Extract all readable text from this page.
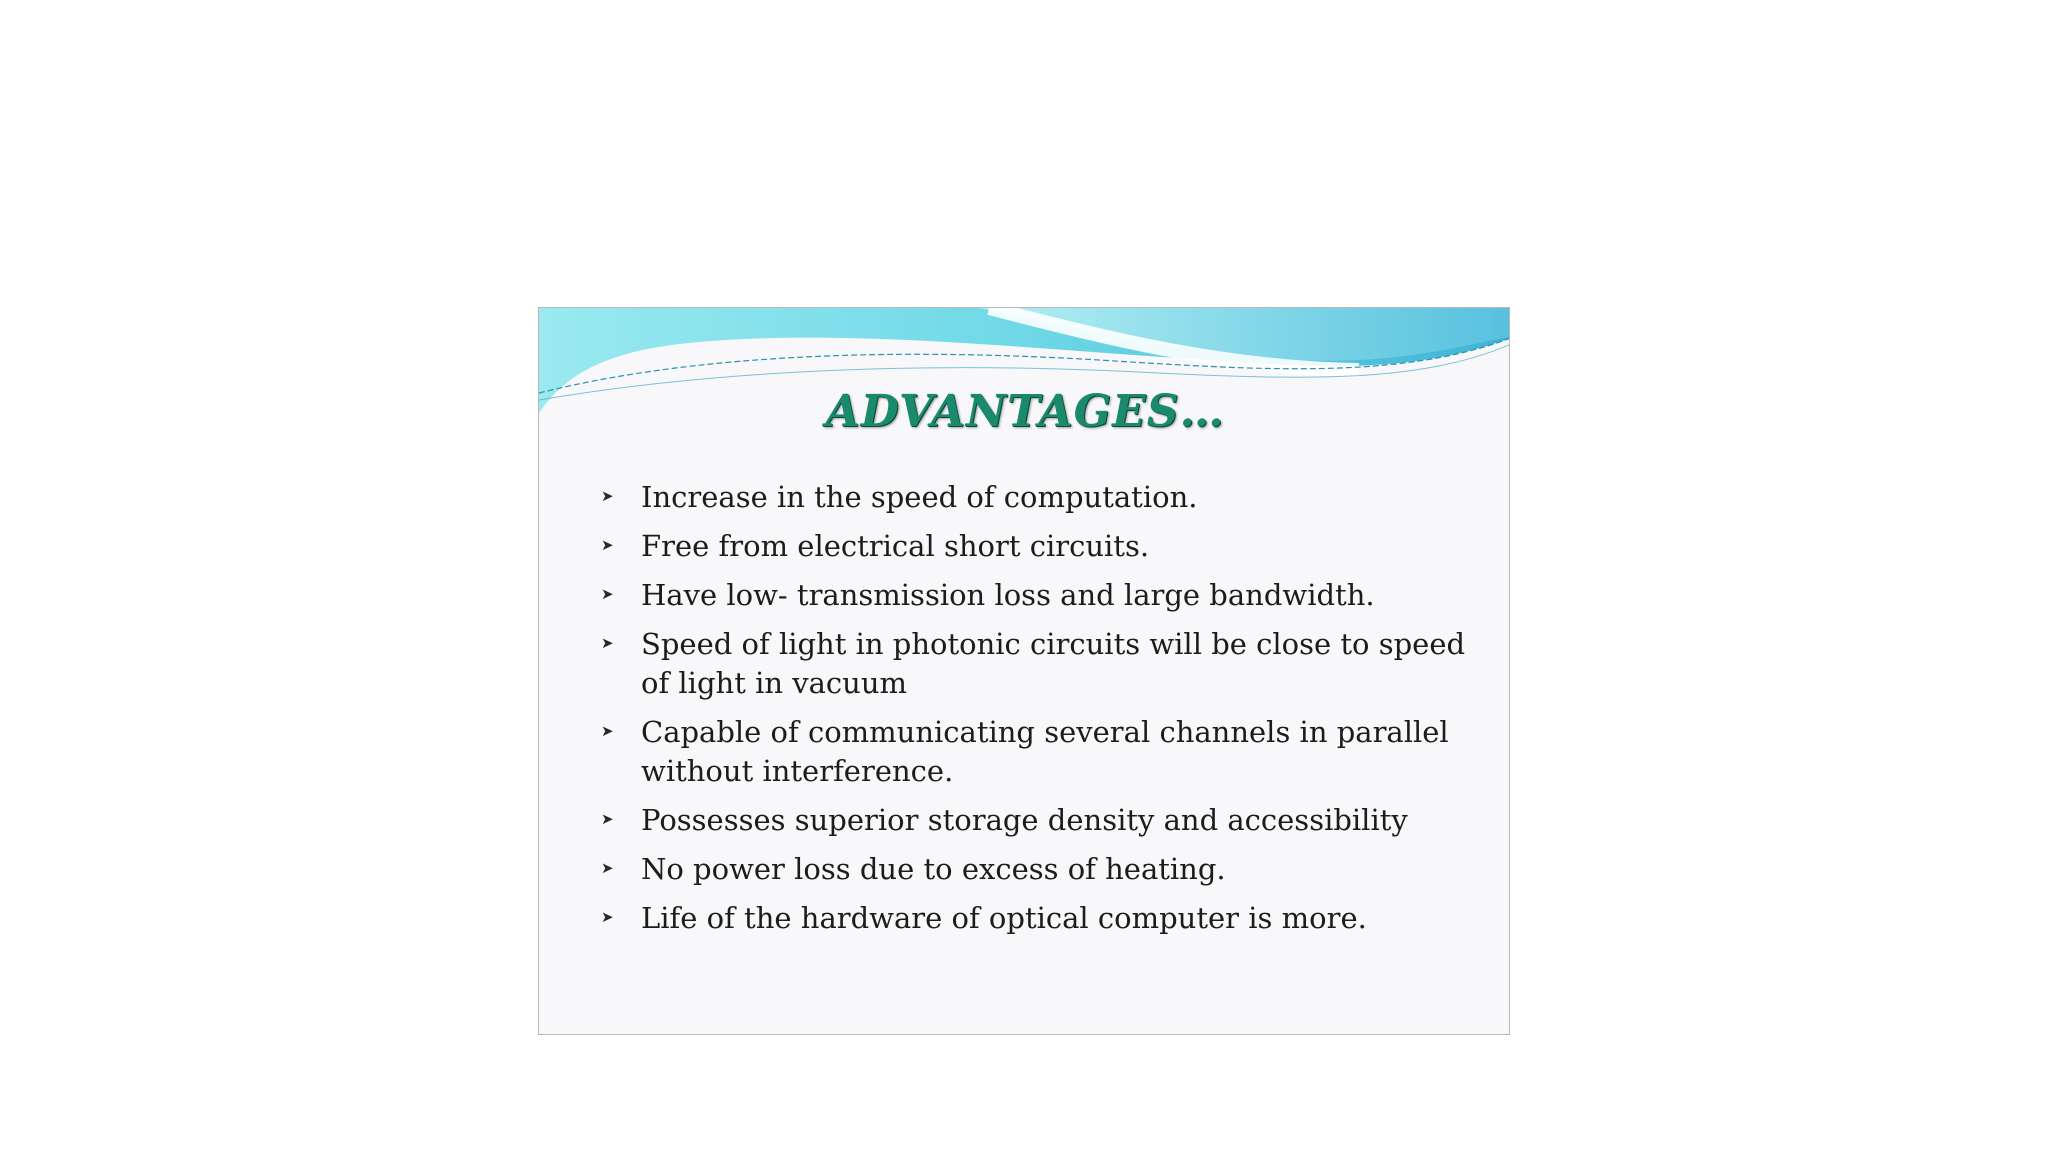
ADVANTAGES…
➤ Increase in the speed of computation.
➤ Free from electrical short circuits.
➤ Have low- transmission loss and large bandwidth.
➤ Speed of light in photonic circuits will be close to speed of light in vacuum
➤ Capable of communicating several channels in parallel without interference.
➤ Possesses superior storage density and accessibility
➤ No power loss due to excess of heating.
➤ Life of the hardware of optical computer is more.
